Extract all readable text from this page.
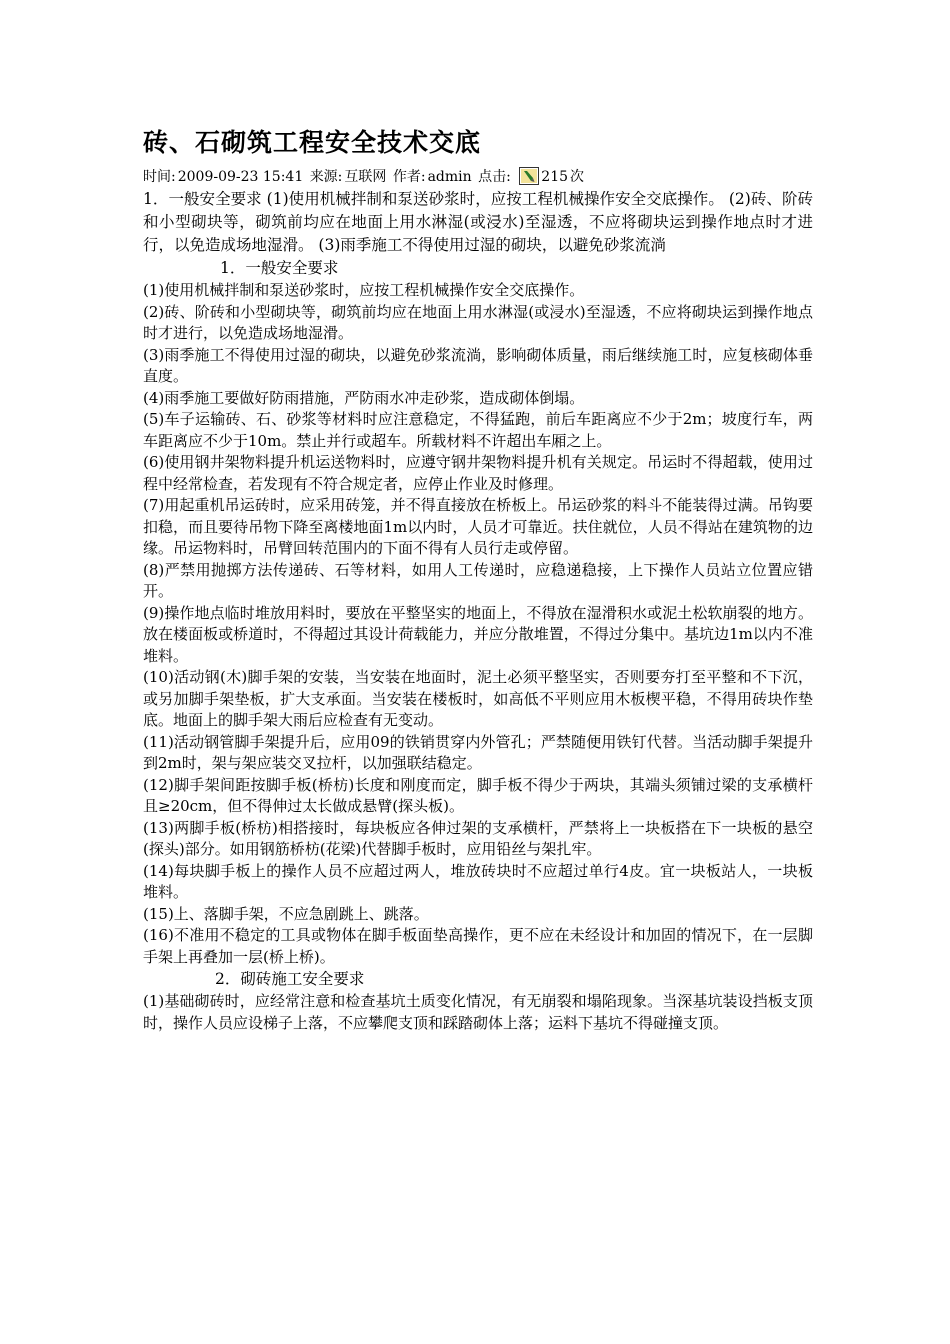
砖、石砌筑工程安全技术交底
时间: 2009-09-23 15:41 来源: 互联网 作者: admin 点击: 215 次

1．一般安全要求 (1)使用机械拌制和泵送砂浆时，应按工程机械操作安全交底操作。 (2)砖、阶砖和小型砌块等，砌筑前均应在地面上用水淋湿(或浸水)至湿透，不应将砌块运到操作地点时才进行，以免造成场地湿滑。 (3)雨季施工不得使用过湿的砌块，以避免砂浆流淌

1．一般安全要求

(1)使用机械拌制和泵送砂浆时，应按工程机械操作安全交底操作。

(2)砖、阶砖和小型砌块等，砌筑前均应在地面上用水淋湿(或浸水)至湿透，不应将砌块运到操作地点时才进行，以免造成场地湿滑。

(3)雨季施工不得使用过湿的砌块，以避免砂浆流淌，影响砌体质量，雨后继续施工时，应复核砌体垂直度。

(4)雨季施工要做好防雨措施，严防雨水冲走砂浆，造成砌体倒塌。

(5)车子运输砖、石、砂浆等材料时应注意稳定，不得猛跑，前后车距离应不少于2m；坡度行车，两车距离应不少于10m。禁止并行或超车。所载材料不许超出车厢之上。

(6)使用钢井架物料提升机运送物料时，应遵守钢井架物料提升机有关规定。吊运时不得超载，使用过程中经常检查，若发现有不符合规定者，应停止作业及时修理。

(7)用起重机吊运砖时，应采用砖笼，并不得直接放在桥板上。吊运砂浆的料斗不能装得过满。吊钩要扣稳，而且要待吊物下降至离楼地面1m以内时，人员才可靠近。扶住就位，人员不得站在建筑物的边缘。吊运物料时，吊臂回转范围内的下面不得有人员行走或停留。

(8)严禁用抛掷方法传递砖、石等材料，如用人工传递时，应稳递稳接，上下操作人员站立位置应错开。

(9)操作地点临时堆放用料时，要放在平整坚实的地面上，不得放在湿滑积水或泥土松软崩裂的地方。放在楼面板或桥道时，不得超过其设计荷载能力，并应分散堆置，不得过分集中。基坑边1m以内不准堆料。

(10)活动钢(木)脚手架的安装，当安装在地面时，泥土必须平整坚实，否则要夯打至平整和不下沉，或另加脚手架垫板，扩大支承面。当安装在楼板时，如高低不平则应用木板楔平稳，不得用砖块作垫底。地面上的脚手架大雨后应检查有无变动。

(11)活动钢管脚手架提升后，应用09的铁销贯穿内外管孔；严禁随便用铁钉代替。当活动脚手架提升到2m时，架与架应装交叉拉杆，以加强联结稳定。

(12)脚手架间距按脚手板(桥枋)长度和刚度而定，脚手板不得少于两块，其端头须铺过梁的支承横杆且≥20cm，但不得伸过太长做成悬臂(探头板)。

(13)两脚手板(桥枋)相搭接时，每块板应各伸过架的支承横杆，严禁将上一块板搭在下一块板的悬空(探头)部分。如用钢筋桥枋(花梁)代替脚手板时，应用铅丝与架扎牢。

(14)每块脚手板上的操作人员不应超过两人，堆放砖块时不应超过单行4皮。宜一块板站人，一块板堆料。

(15)上、落脚手架，不应急剧跳上、跳落。

(16)不准用不稳定的工具或物体在脚手板面垫高操作，更不应在未经设计和加固的情况下，在一层脚手架上再叠加一层(桥上桥)。

2．砌砖施工安全要求

(1)基础砌砖时，应经常注意和检查基坑土质变化情况，有无崩裂和塌陷现象。当深基坑装设挡板支顶时，操作人员应设梯子上落，不应攀爬支顶和踩踏砌体上落；运料下基坑不得碰撞支顶。
